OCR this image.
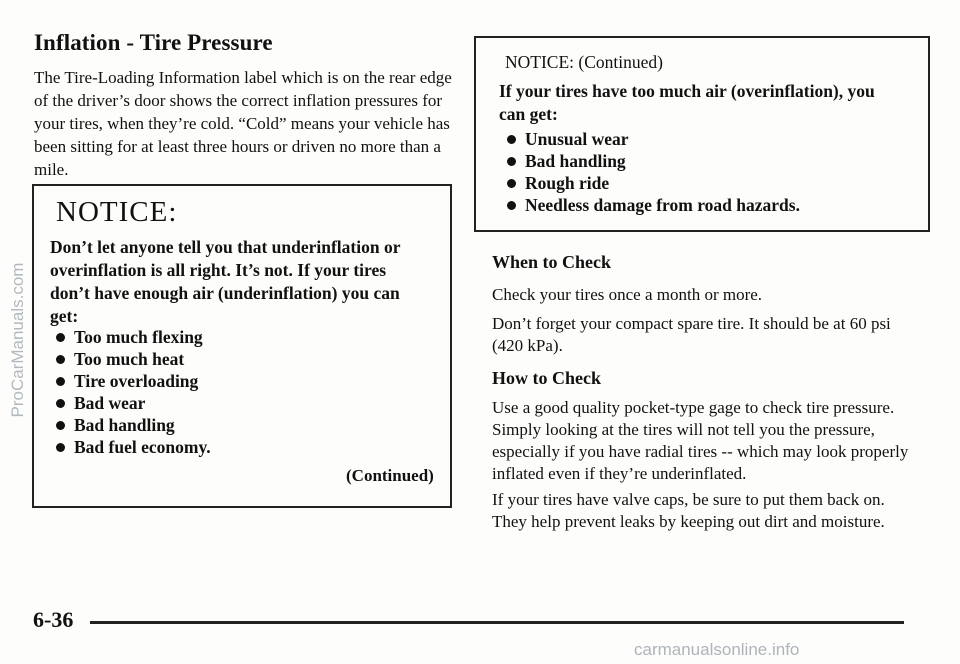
Inflation - Tire Pressure
The Tire-Loading Information label which is on the rear edge of the driver’s door shows the correct inflation pressures for your tires, when they’re cold. “Cold” means your vehicle has been sitting for at least three hours or driven no more than a mile.
NOTICE:
Don’t let anyone tell you that underinflation or overinflation is all right. It’s not. If your tires don’t have enough air (underinflation) you can get:
Too much flexing
Too much heat
Tire overloading
Bad wear
Bad handling
Bad fuel economy.
(Continued)
NOTICE: (Continued)
If your tires have too much air (overinflation), you can get:
Unusual wear
Bad handling
Rough ride
Needless damage from road hazards.
When to Check
Check your tires once a month or more.
Don’t forget your compact spare tire. It should be at 60 psi (420 kPa).
How to Check
Use a good quality pocket-type gage to check tire pressure. Simply looking at the tires will not tell you the pressure, especially if you have radial tires -- which may look properly inflated even if they’re underinflated.
If your tires have valve caps, be sure to put them back on. They help prevent leaks by keeping out dirt and moisture.
6-36
ProCarManuals.com
carmanualsonline.info
